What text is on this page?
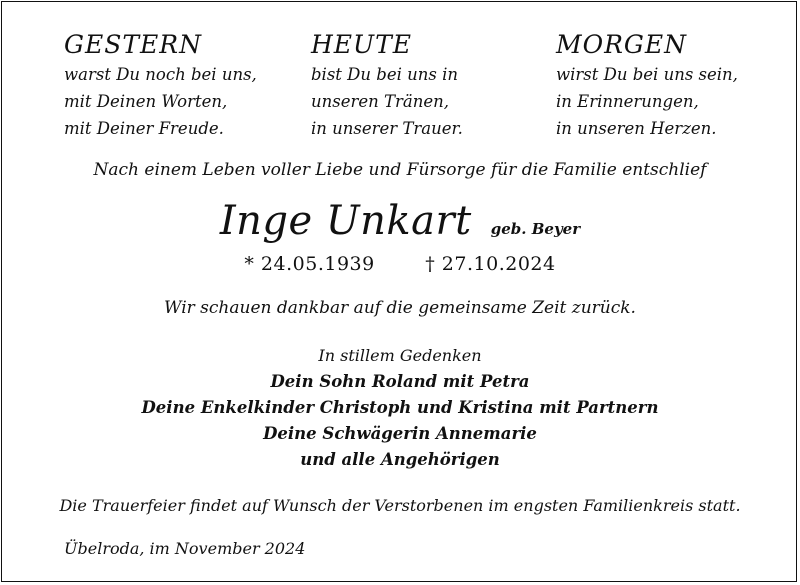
GESTERN
warst Du noch bei uns,
mit Deinen Worten,
mit Deiner Freude.
HEUTE
bist Du bei uns in
unseren Tränen,
in unserer Trauer.
MORGEN
wirst Du bei uns sein,
in Erinnerungen,
in unseren Herzen.
Nach einem Leben voller Liebe und Fürsorge für die Familie entschlief
Inge Unkart geb. Beyer
* 24.05.1939	† 27.10.2024
Wir schauen dankbar auf die gemeinsame Zeit zurück.
In stillem Gedenken
Dein Sohn Roland mit Petra
Deine Enkelkinder Christoph und Kristina mit Partnern
Deine Schwägerin Annemarie
und alle Angehörigen
Die Trauerfeier findet auf Wunsch der Verstorbenen im engsten Familienkreis statt.
Übelroda, im November 2024
